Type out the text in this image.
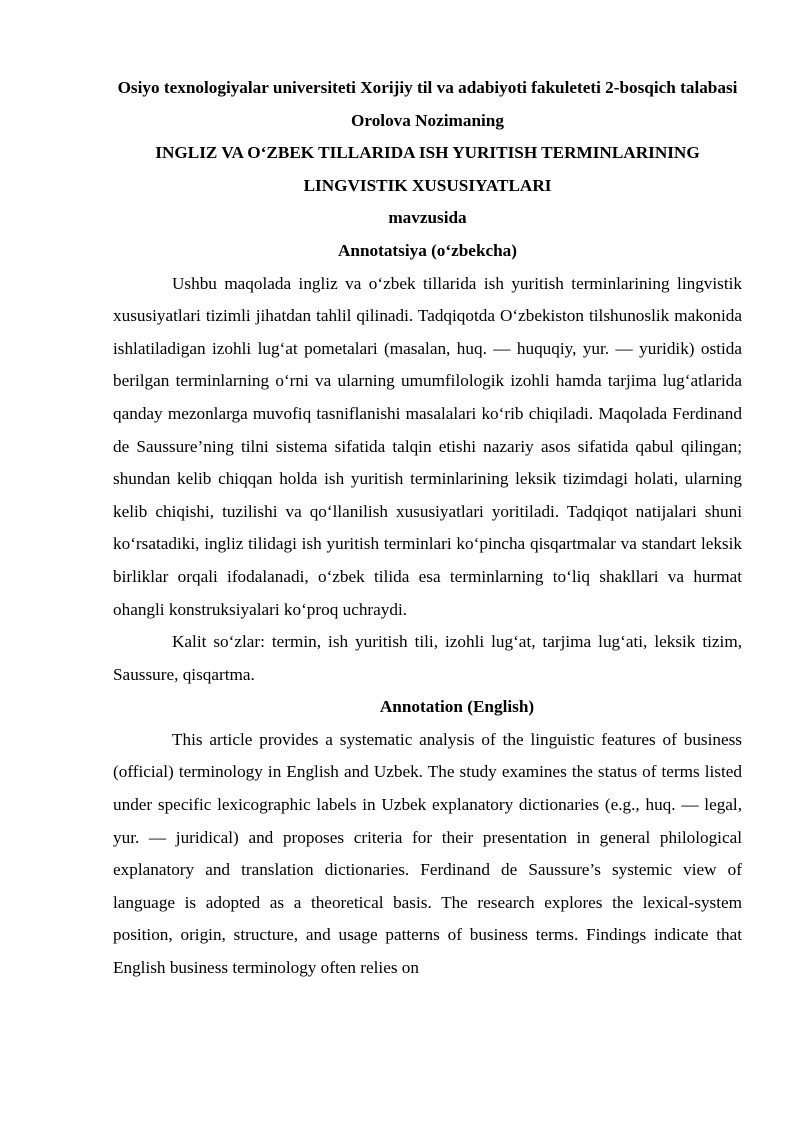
Osiyo texnologiyalar universiteti Xorijiy til va adabiyoti fakuleteti 2-bosqich talabasi Orolova Nozimaning

INGLIZ VA O‘ZBEK TILLARIDA ISH YURITISH TERMINLARINING LINGVISTIK XUSUSIYATLARI

mavzusida

Annotatsiya (o‘zbekcha)

Ushbu maqolada ingliz va o‘zbek tillarida ish yuritish terminlarining lingvistik xususiyatlari tizimli jihatdan tahlil qilinadi. Tadqiqotda O‘zbekiston tilshunoslik makonida ishlatiladigan izohli lug‘at pometalari (masalan, huq. — huquqiy, yur. — yuridik) ostida berilgan terminlarning o‘rni va ularning umumfilologik izohli hamda tarjima lug‘atlarida qanday mezonlarga muvofiq tasniflanishi masalalari ko‘rib chiqiladi. Maqolada Ferdinand de Saussure’ning tilni sistema sifatida talqin etishi nazariy asos sifatida qabul qilingan; shundan kelib chiqqan holda ish yuritish terminlarining leksik tizimdagi holati, ularning kelib chiqishi, tuzilishi va qo‘llanilish xususiyatlari yoritiladi. Tadqiqot natijalari shuni ko‘rsatadiki, ingliz tilidagi ish yuritish terminlari ko‘pincha qisqartmalar va standart leksik birliklar orqali ifodalanadi, o‘zbek tilida esa terminlarning to‘liq shakllari va hurmat ohangli konstruksiyalari ko‘proq uchraydi.

Kalit so‘zlar: termin, ish yuritish tili, izohli lug‘at, tarjima lug‘ati, leksik tizim, Saussure, qisqartma.

Annotation (English)

This article provides a systematic analysis of the linguistic features of business (official) terminology in English and Uzbek. The study examines the status of terms listed under specific lexicographic labels in Uzbek explanatory dictionaries (e.g., huq. — legal, yur. — juridical) and proposes criteria for their presentation in general philological explanatory and translation dictionaries. Ferdinand de Saussure’s systemic view of language is adopted as a theoretical basis. The research explores the lexical-system position, origin, structure, and usage patterns of business terms. Findings indicate that English business terminology often relies on
